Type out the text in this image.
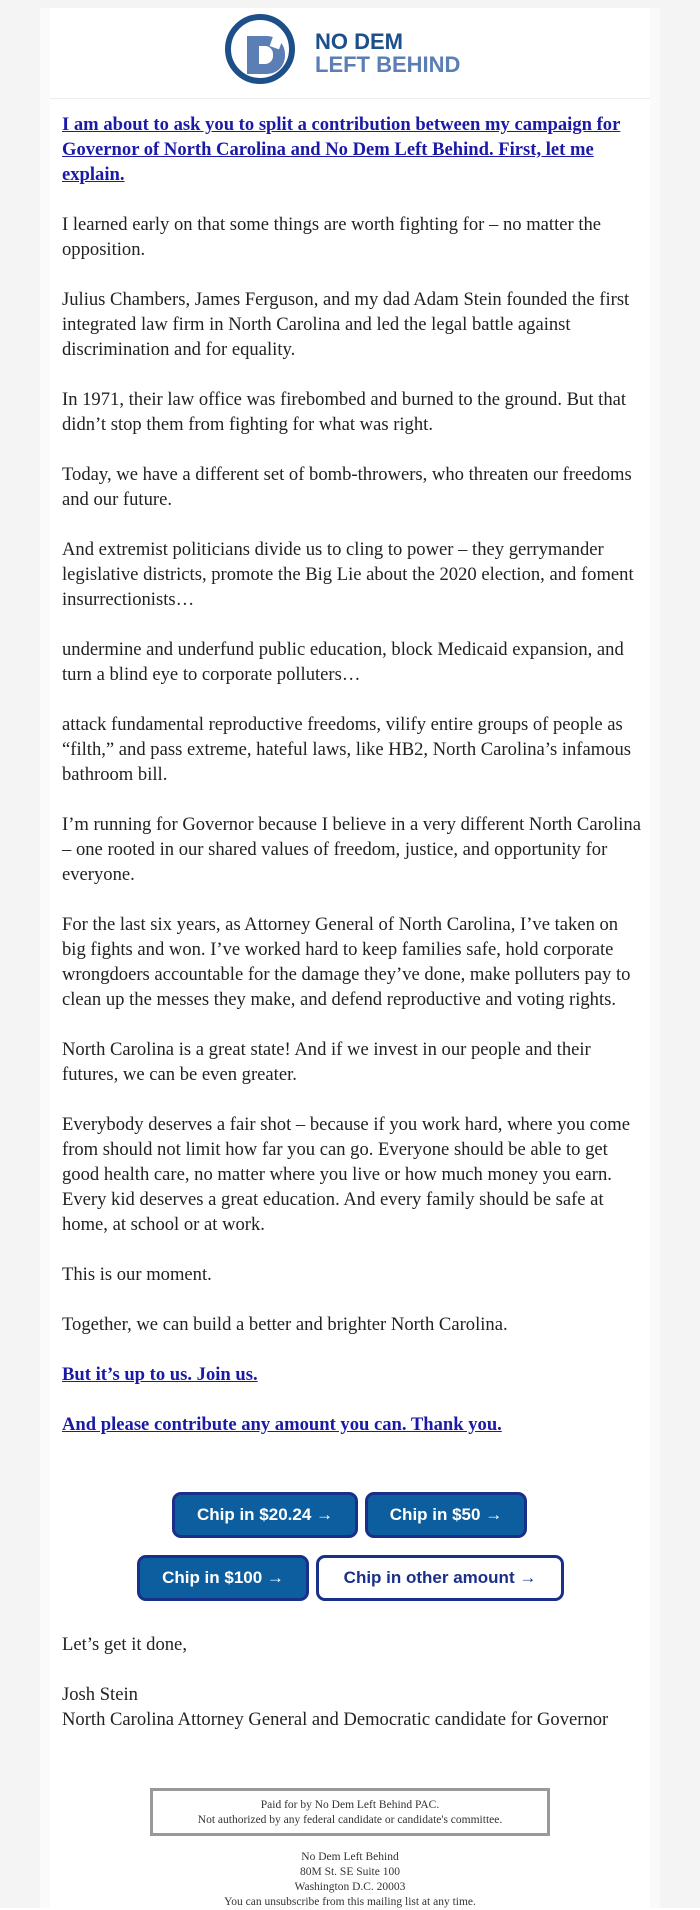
NO DEM
LEFT BEHIND

I am about to ask you to split a contribution between my campaign for Governor of North Carolina and No Dem Left Behind. First, let me explain.

I learned early on that some things are worth fighting for – no matter the opposition.

Julius Chambers, James Ferguson, and my dad Adam Stein founded the first integrated law firm in North Carolina and led the legal battle against discrimination and for equality.

In 1971, their law office was firebombed and burned to the ground. But that didn’t stop them from fighting for what was right.

Today, we have a different set of bomb-throwers, who threaten our freedoms and our future.

And extremist politicians divide us to cling to power – they gerrymander legislative districts, promote the Big Lie about the 2020 election, and foment insurrectionists…

undermine and underfund public education, block Medicaid expansion, and turn a blind eye to corporate polluters…

attack fundamental reproductive freedoms, vilify entire groups of people as “filth,” and pass extreme, hateful laws, like HB2, North Carolina’s infamous bathroom bill.

I’m running for Governor because I believe in a very different North Carolina – one rooted in our shared values of freedom, justice, and opportunity for everyone.

For the last six years, as Attorney General of North Carolina, I’ve taken on big fights and won. I’ve worked hard to keep families safe, hold corporate wrongdoers accountable for the damage they’ve done, make polluters pay to clean up the messes they make, and defend reproductive and voting rights.

North Carolina is a great state! And if we invest in our people and their futures, we can be even greater.

Everybody deserves a fair shot – because if you work hard, where you come from should not limit how far you can go. Everyone should be able to get good health care, no matter where you live or how much money you earn. Every kid deserves a great education. And every family should be safe at home, at school or at work.

This is our moment.

Together, we can build a better and brighter North Carolina.

But it’s up to us. Join us.

And please contribute any amount you can. Thank you.

Chip in $20.24 →	Chip in $50 →
Chip in $100 →	Chip in other amount →

Let’s get it done,

Josh Stein

North Carolina Attorney General and Democratic candidate for Governor

Paid for by No Dem Left Behind PAC.
Not authorized by any federal candidate or candidate's committee.
No Dem Left Behind
80M St. SE Suite 100
Washington D.C. 20003
You can unsubscribe from this mailing list at any time.
